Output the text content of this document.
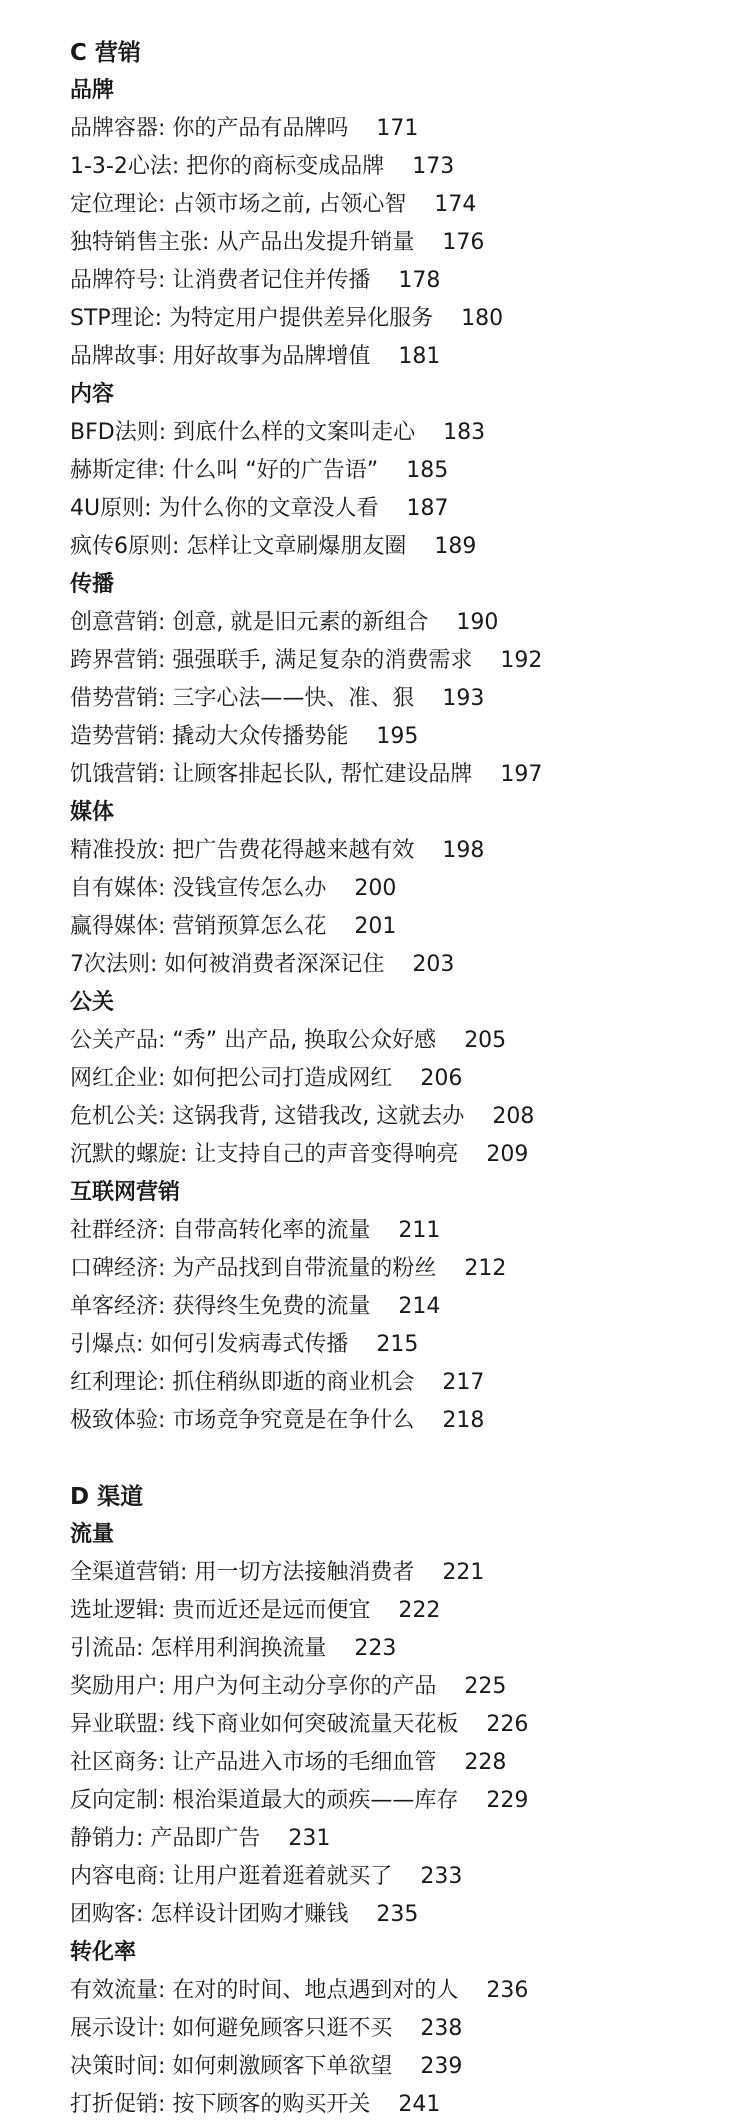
C 营销
品牌
品牌容器: 你的产品有品牌吗 171
1-3-2心法: 把你的商标变成品牌 173
定位理论: 占领市场之前, 占领心智 174
独特销售主张: 从产品出发提升销量 176
品牌符号: 让消费者记住并传播 178
STP理论: 为特定用户提供差异化服务 180
品牌故事: 用好故事为品牌增值 181
内容
BFD法则: 到底什么样的文案叫走心 183
赫斯定律: 什么叫 “好的广告语” 185
4U原则: 为什么你的文章没人看 187
疯传6原则: 怎样让文章刷爆朋友圈 189
传播
创意营销: 创意, 就是旧元素的新组合 190
跨界营销: 强强联手, 满足复杂的消费需求 192
借势营销: 三字心法——快、准、狠 193
造势营销: 撬动大众传播势能 195
饥饿营销: 让顾客排起长队, 帮忙建设品牌 197
媒体
精准投放: 把广告费花得越来越有效 198
自有媒体: 没钱宣传怎么办 200
赢得媒体: 营销预算怎么花 201
7次法则: 如何被消费者深深记住 203
公关
公关产品: “秀” 出产品, 换取公众好感 205
网红企业: 如何把公司打造成网红 206
危机公关: 这锅我背, 这错我改, 这就去办 208
沉默的螺旋: 让支持自己的声音变得响亮 209
互联网营销
社群经济: 自带高转化率的流量 211
口碑经济: 为产品找到自带流量的粉丝 212
单客经济: 获得终生免费的流量 214
引爆点: 如何引发病毒式传播 215
红利理论: 抓住稍纵即逝的商业机会 217
极致体验: 市场竞争究竟是在争什么 218
D 渠道
流量
全渠道营销: 用一切方法接触消费者 221
选址逻辑: 贵而近还是远而便宜 222
引流品: 怎样用利润换流量 223
奖励用户: 用户为何主动分享你的产品 225
异业联盟: 线下商业如何突破流量天花板 226
社区商务: 让产品进入市场的毛细血管 228
反向定制: 根治渠道最大的顽疾——库存 229
静销力: 产品即广告 231
内容电商: 让用户逛着逛着就买了 233
团购客: 怎样设计团购才赚钱 235
转化率
有效流量: 在对的时间、地点遇到对的人 236
展示设计: 如何避免顾客只逛不买 238
决策时间: 如何刺激顾客下单欲望 239
打折促销: 按下顾客的购买开关 241
